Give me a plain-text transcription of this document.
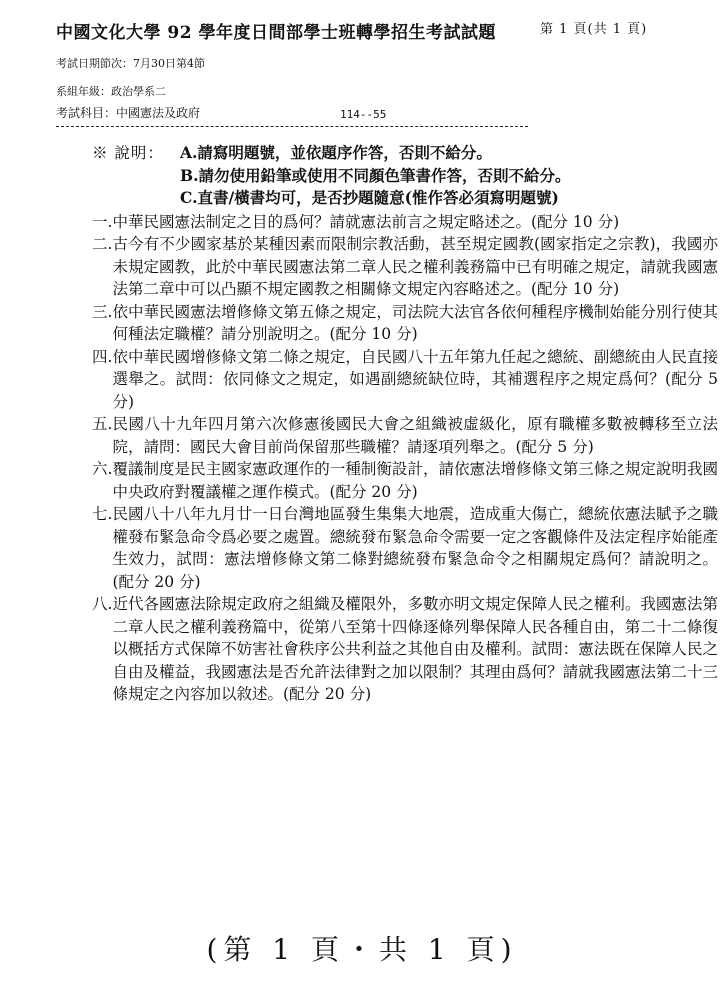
中國文化大學 92 學年度日間部學士班轉學招生考試試題	第 1 頁(共 1 頁)
考試日期節次：7月30日第4節
系組年級：政治學系二
考試科目：中國憲法及政府	114--55
※ 說明：	A.請寫明題號，並依題序作答，否則不給分。
B.請勿使用鉛筆或使用不同顏色筆書作答，否則不給分。
C.直書/橫書均可，是否抄題隨意(惟作答必須寫明題號)
一. 中華民國憲法制定之目的爲何？請就憲法前言之規定略述之。(配分 10 分)
二. 古今有不少國家基於某種因素而限制宗教活動，甚至規定國教(國家指定之宗教)，我國亦未規定國教，此於中華民國憲法第二章人民之權利義務篇中已有明確之規定，請就我國憲法第二章中可以凸顯不規定國教之相關條文規定內容略述之。(配分 10 分)
三. 依中華民國憲法增修條文第五條之規定，司法院大法官各依何種程序機制始能分別行使其何種法定職權？請分別說明之。(配分 10 分)
四. 依中華民國增修條文第二條之規定，自民國八十五年第九任起之總統、副總統由人民直接選舉之。試問：依同條文之規定，如遇副總統缺位時，其補選程序之規定爲何？(配分 5 分)
五. 民國八十九年四月第六次修憲後國民大會之組織被虛級化，原有職權多數被轉移至立法院，請問：國民大會目前尚保留那些職權？請逐項列舉之。(配分 5 分)
六. 覆議制度是民主國家憲政運作的一種制衡設計，請依憲法增修條文第三條之規定說明我國中央政府對覆議權之運作模式。(配分 20 分)
七. 民國八十八年九月廿一日台灣地區發生集集大地震，造成重大傷亡，總統依憲法賦予之職權發布緊急命令爲必要之處置。總統發布緊急命令需要一定之客觀條件及法定程序始能產生效力，試問：憲法增修條文第二條對總統發布緊急命令之相關規定爲何？請說明之。(配分 20 分)
八. 近代各國憲法除規定政府之組織及權限外，多數亦明文規定保障人民之權利。我國憲法第二章人民之權利義務篇中，從第八至第十四條逐條列舉保障人民各種自由，第二十二條復以概括方式保障不妨害社會秩序公共利益之其他自由及權利。試問：憲法既在保障人民之自由及權益，我國憲法是否允許法律對之加以限制？其理由爲何？請就我國憲法第二十三條規定之內容加以敘述。(配分 20 分)
(第 1 頁・共 1 頁)
